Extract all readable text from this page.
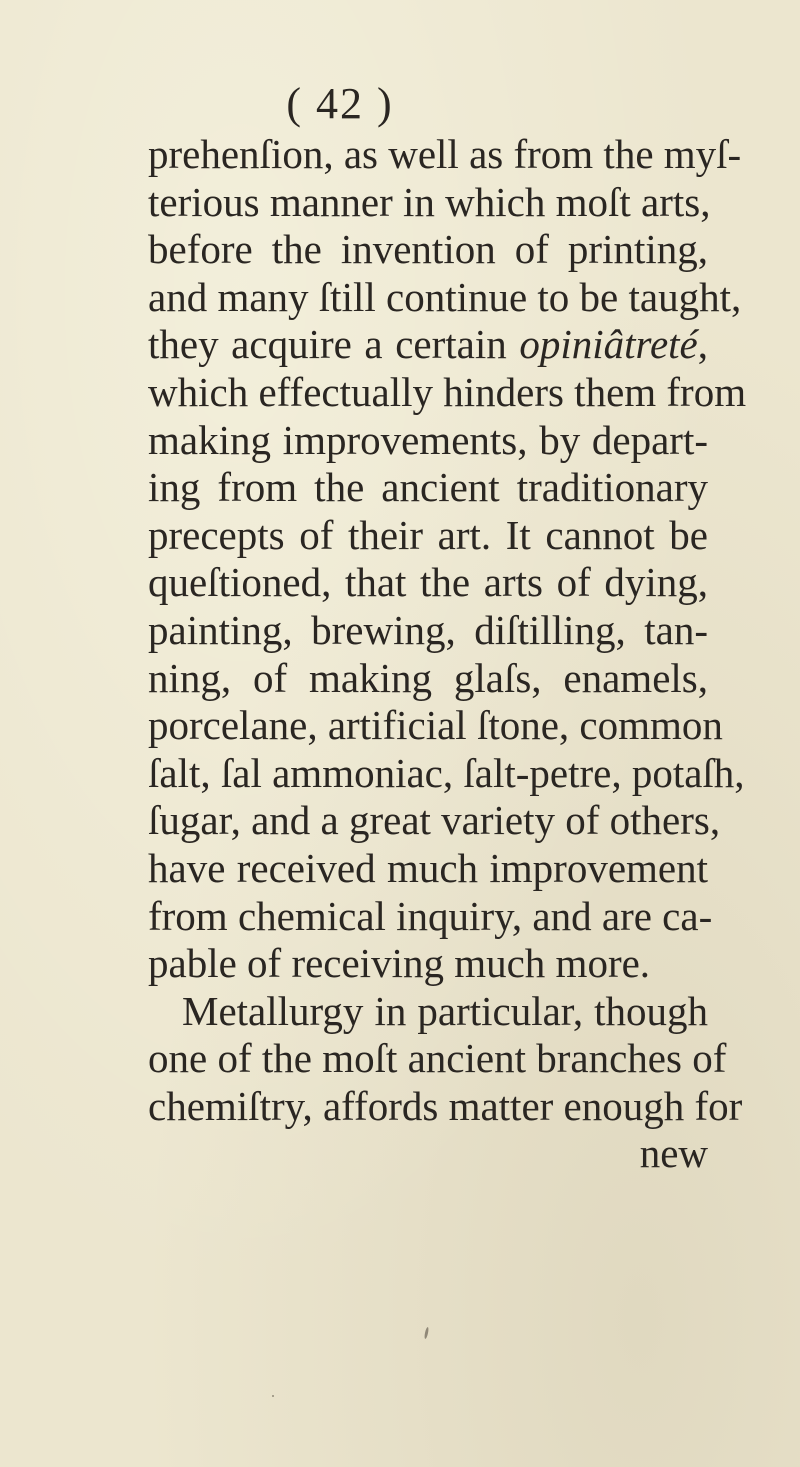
( 42 )
prehenſion, as well as from the myſ-
terious manner in which moſt arts,
before the invention of printing,
and many ſtill continue to be taught,
they acquire a certain opiniâtreté,
which effectually hinders them from
making improvements, by depart-
ing from the ancient traditionary
precepts of their art. It cannot be
queſtioned, that the arts of dying,
painting, brewing, diſtilling, tan-
ning, of making glaſs, enamels,
porcelane, artificial ſtone, common
ſalt, ſal ammoniac, ſalt-petre, potaſh,
ſugar, and a great variety of others,
have received much improvement
from chemical inquiry, and are ca-
pable of receiving much more.
Metallurgy in particular, though
one of the moſt ancient branches of
chemiſtry, affords matter enough for
new
